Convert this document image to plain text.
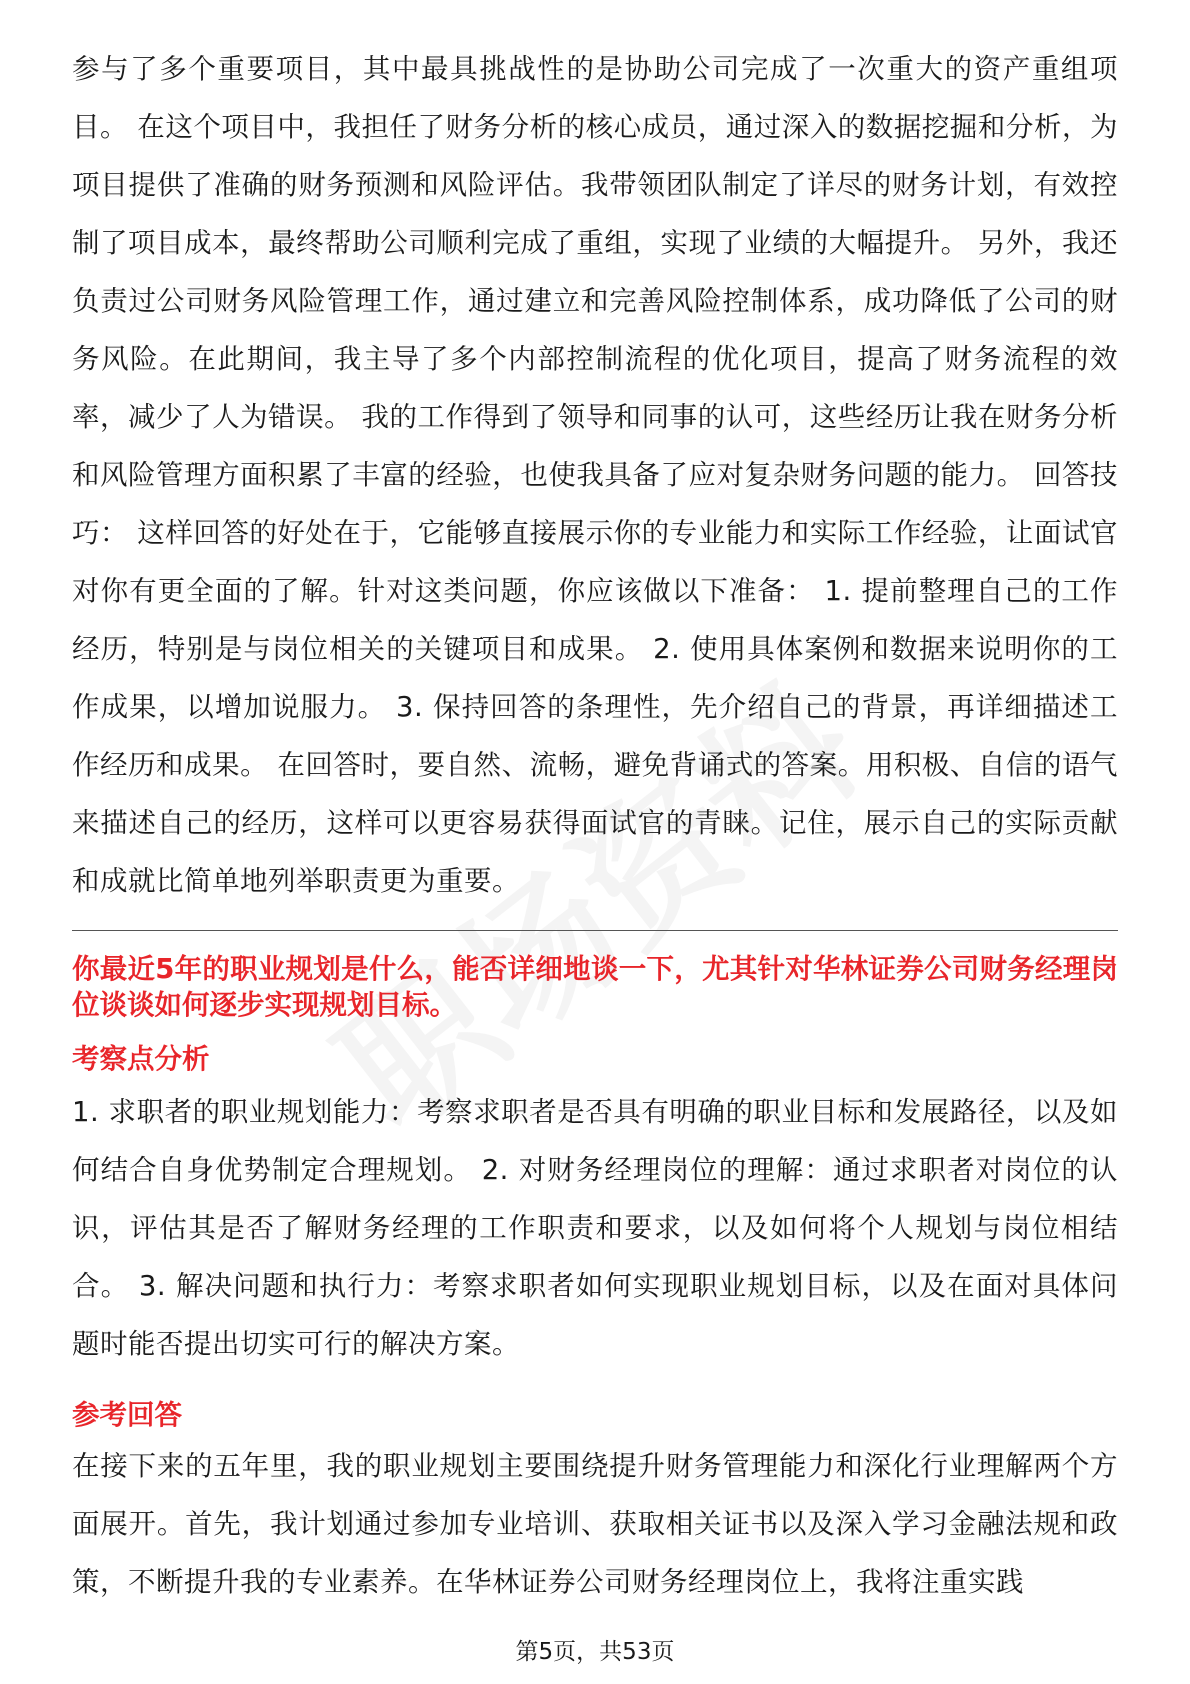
参与了多个重要项目，其中最具挑战性的是协助公司完成了一次重大的资产重组项目。 在这个项目中，我担任了财务分析的核心成员，通过深入的数据挖掘和分析，为项目提供了准确的财务预测和风险评估。我带领团队制定了详尽的财务计划，有效控制了项目成本，最终帮助公司顺利完成了重组，实现了业绩的大幅提升。 另外，我还负责过公司财务风险管理工作，通过建立和完善风险控制体系，成功降低了公司的财务风险。在此期间，我主导了多个内部控制流程的优化项目，提高了财务流程的效率，减少了人为错误。 我的工作得到了领导和同事的认可，这些经历让我在财务分析和风险管理方面积累了丰富的经验，也使我具备了应对复杂财务问题的能力。 回答技巧： 这样回答的好处在于，它能够直接展示你的专业能力和实际工作经验，让面试官对你有更全面的了解。针对这类问题，你应该做以下准备： 1. 提前整理自己的工作经历，特别是与岗位相关的关键项目和成果。 2. 使用具体案例和数据来说明你的工作成果，以增加说服力。 3. 保持回答的条理性，先介绍自己的背景，再详细描述工作经历和成果。 在回答时，要自然、流畅，避免背诵式的答案。用积极、自信的语气来描述自己的经历，这样可以更容易获得面试官的青睐。记住，展示自己的实际贡献和成就比简单地列举职责更为重要。

你最近5年的职业规划是什么，能否详细地谈一下，尤其针对华林证券公司财务经理岗位谈谈如何逐步实现规划目标。

考察点分析

1. 求职者的职业规划能力：考察求职者是否具有明确的职业目标和发展路径，以及如何结合自身优势制定合理规划。 2. 对财务经理岗位的理解：通过求职者对岗位的认识，评估其是否了解财务经理的工作职责和要求，以及如何将个人规划与岗位相结合。 3. 解决问题和执行力：考察求职者如何实现职业规划目标，以及在面对具体问题时能否提出切实可行的解决方案。

参考回答

在接下来的五年里，我的职业规划主要围绕提升财务管理能力和深化行业理解两个方面展开。首先，我计划通过参加专业培训、获取相关证书以及深入学习金融法规和政策，不断提升我的专业素养。在华林证券公司财务经理岗位上，我将注重实践

第5页，共53页
